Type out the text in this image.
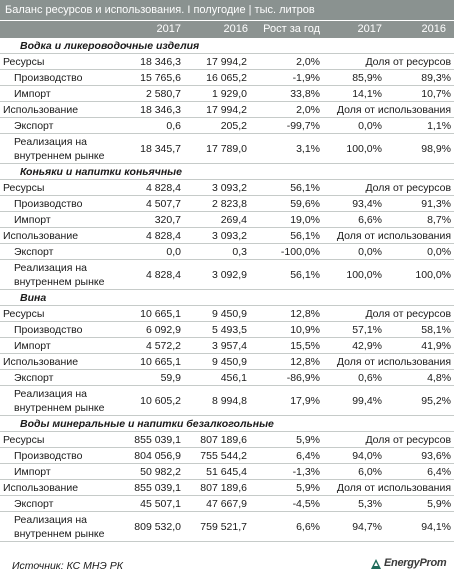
Баланс ресурсов и использования. I полугодие | тыс. литров
2017	2016	Рост за год	2017	2016
Водка и ликероводочные изделия					
Ресурсы	18 346,3	17 994,2	2,0%	Доля от ресурсов	
Производство	15 765,6	16 065,2	-1,9%	85,9%	89,3%
Импорт	2 580,7	1 929,0	33,8%	14,1%	10,7%
Использование	18 346,3	17 994,2	2,0%	Доля от использования	
Экспорт	0,6	205,2	-99,7%	0,0%	1,1%
Реализация на внутреннем рынке	18 345,7	17 789,0	3,1%	100,0%	98,9%
Коньяки и напитки коньячные					
Ресурсы	4 828,4	3 093,2	56,1%	Доля от ресурсов	
Производство	4 507,7	2 823,8	59,6%	93,4%	91,3%
Импорт	320,7	269,4	19,0%	6,6%	8,7%
Использование	4 828,4	3 093,2	56,1%	Доля от использования	
Экспорт	0,0	0,3	-100,0%	0,0%	0,0%
Реализация на внутреннем рынке	4 828,4	3 092,9	56,1%	100,0%	100,0%
Вина					
Ресурсы	10 665,1	9 450,9	12,8%	Доля от ресурсов	
Производство	6 092,9	5 493,5	10,9%	57,1%	58,1%
Импорт	4 572,2	3 957,4	15,5%	42,9%	41,9%
Использование	10 665,1	9 450,9	12,8%	Доля от использования	
Экспорт	59,9	456,1	-86,9%	0,6%	4,8%
Реализация на внутреннем рынке	10 605,2	8 994,8	17,9%	99,4%	95,2%
Воды минеральные и напитки безалкогольные					
Ресурсы	855 039,1	807 189,6	5,9%	Доля от ресурсов	
Производство	804 056,9	755 544,2	6,4%	94,0%	93,6%
Импорт	50 982,2	51 645,4	-1,3%	6,0%	6,4%
Использование	855 039,1	807 189,6	5,9%	Доля от использования	
Экспорт	45 507,1	47 667,9	-4,5%	5,3%	5,9%
Реализация на внутреннем рынке	809 532,0	759 521,7	6,6%	94,7%	94,1%
Источник: КС МНЭ РК	EnergyProm
